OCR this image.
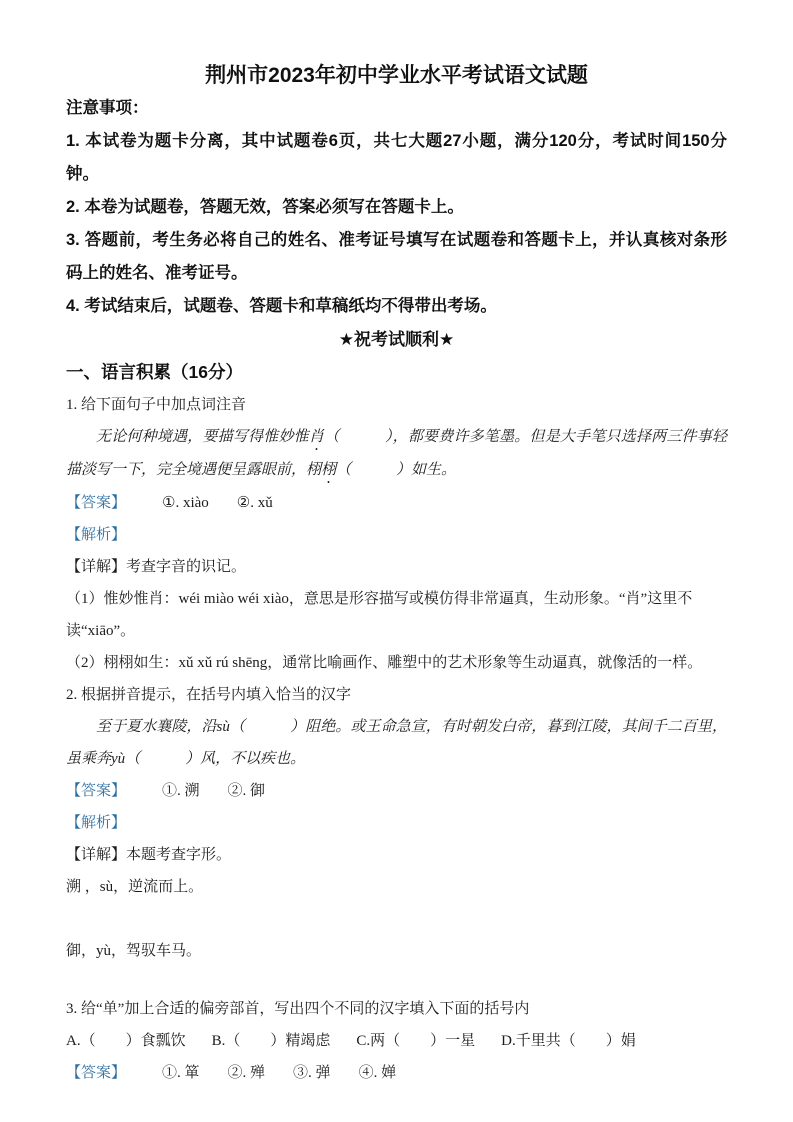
荆州市2023年初中学业水平考试语文试题

注意事项：

1. 本试卷为题卡分离，其中试题卷6页，共七大题27小题，满分120分，考试时间150分钟。

2. 本卷为试题卷，答题无效，答案必须写在答题卡上。

3. 答题前，考生务必将自己的姓名、准考证号填写在试题卷和答题卡上，并认真核对条形码上的姓名、准考证号。

4. 考试结束后，试题卷、答题卡和草稿纸均不得带出考场。

★祝考试顺利★

一、语言积累（16分）

1. 给下面句子中加点词注音

无论何种境遇，要描写得惟妙惟肖（　　　），都要费许多笔墨。但是大手笔只选择两三件事轻描淡写一下，完全境遇便呈露眼前，栩栩（　　　）如生。

【答案】 ①. xiào ②. xǔ

【解析】

【详解】考查字音的识记。

（1）惟妙惟肖：wéi miào wéi xiào，意思是形容描写或模仿得非常逼真，生动形象。“肖”这里不读“xiāo”。

（2）栩栩如生：xǔ xǔ rú shēng，通常比喻画作、雕塑中的艺术形象等生动逼真，就像活的一样。

2. 根据拼音提示，在括号内填入恰当的汉字

至于夏水襄陵，沿sù（　　　）阻绝。或王命急宣，有时朝发白帝，暮到江陵，其间千二百里，虽乘奔yù（　　　）风，不以疾也。

【答案】 ①. 溯 ②. 御

【解析】

【详解】本题考查字形。

溯 ，sù，逆流而上。

御，yù，驾驭车马。

3. 给“单”加上合适的偏旁部首，写出四个不同的汉字填入下面的括号内

A.（　　）食瓢饮 B.（　　）精竭虑 C.两（　　）一星 D.千里共（　　）娟

【答案】 ①. 箪 ②. 殚 ③. 弹 ④. 婵
